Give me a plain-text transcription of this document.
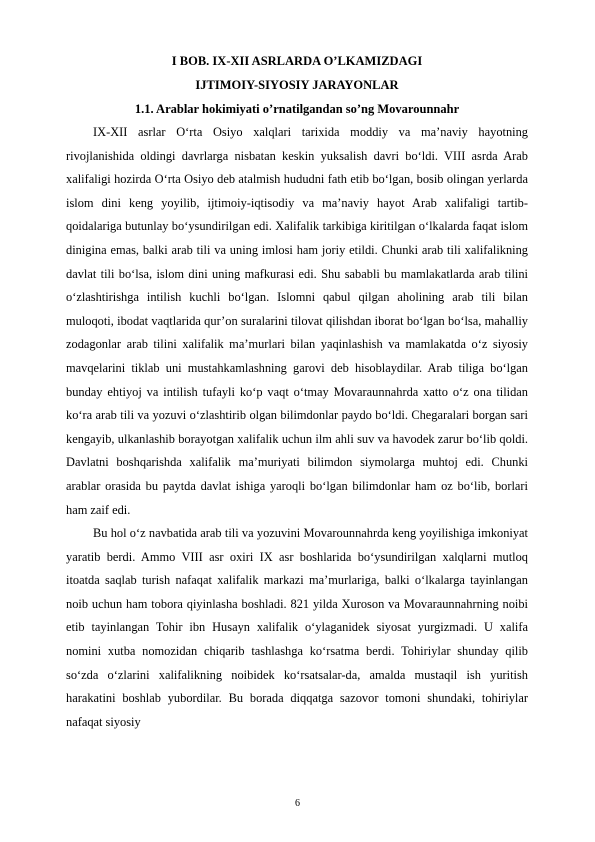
I BOB. IX-XII ASRLARDA O’LKAMIZDAGI
IJTIMOIY-SIYOSIY JARAYONLAR
1.1. Arablar hokimiyati o’rnatilgandan so’ng Movarounnahr

IX-XII asrlar O‘rta Osiyo xalqlari tarixida moddiy va ma’naviy hayotning rivojlanishida oldingi davrlarga nisbatan keskin yuksalish davri bo‘ldi. VIII asrda Arab xalifaligi hozirda O‘rta Osiyo deb atalmish hududni fath etib bo‘lgan, bosib olingan yerlarda islom dini keng yoyilib, ijtimoiy-iqtisodiy va ma’naviy hayot Arab xalifaligi tartib-qoidalariga butunlay bo‘ysundirilgan edi. Xalifalik tarkibiga kiritilgan o‘lkalarda faqat islom dinigina emas, balki arab tili va uning imlosi ham joriy etildi. Chunki arab tili xalifalikning davlat tili bo‘lsa, islom dini uning mafkurasi edi. Shu sababli bu mamlakatlarda arab tilini o‘zlashtirishga intilish kuchli bo‘lgan. Islomni qabul qilgan aholining arab tili bilan muloqoti, ibodat vaqtlarida qur’on suralarini tilovat qilishdan iborat bo‘lgan bo‘lsa, mahalliy zodagonlar arab tilini xalifalik ma’murlari bilan yaqinlashish va mamlakatda o‘z siyosiy mavqelarini tiklab uni mustahkamlashning garovi deb hisoblaydilar. Arab tiliga bo‘lgan bunday ehtiyoj va intilish tufayli ko‘p vaqt o‘tmay Movaraunnahrda xatto o‘z ona tilidan ko‘ra arab tili va yozuvi o‘zlashtirib olgan bilimdonlar paydo bo‘ldi. Chegaralari borgan sari kengayib, ulkanlashib borayotgan xalifalik uchun ilm ahli suv va havodek zarur bo‘lib qoldi. Davlatni boshqarishda xalifalik ma’muriyati bilimdon siymolarga muhtoj edi. Chunki arablar orasida bu paytda davlat ishiga yaroqli bo‘lgan bilimdonlar ham oz bo‘lib, borlari ham zaif edi.

Bu hol o‘z navbatida arab tili va yozuvini Movarounnahrda keng yoyilishiga imkoniyat yaratib berdi. Ammo VIII asr oxiri IX asr boshlarida bo‘ysundirilgan xalqlarni mutloq itoatda saqlab turish nafaqat xalifalik markazi ma’murlariga, balki o‘lkalarga tayinlangan noib uchun ham tobora qiyinlasha boshladi. 821 yilda Xuroson va Movaraunnahrning noibi etib tayinlangan Tohir ibn Husayn xalifalik o‘ylaganidek siyosat yurgizmadi. U xalifa nomini xutba nomozidan chiqarib tashlashga ko‘rsatma berdi. Tohiriylar shunday qilib so‘zda o‘zlarini xalifalikning noibidek ko‘rsatsalar-da, amalda mustaqil ish yuritish harakatini boshlab yubordilar. Bu borada diqqatga sazovor tomoni shundaki, tohiriylar nafaqat siyosiy

6
